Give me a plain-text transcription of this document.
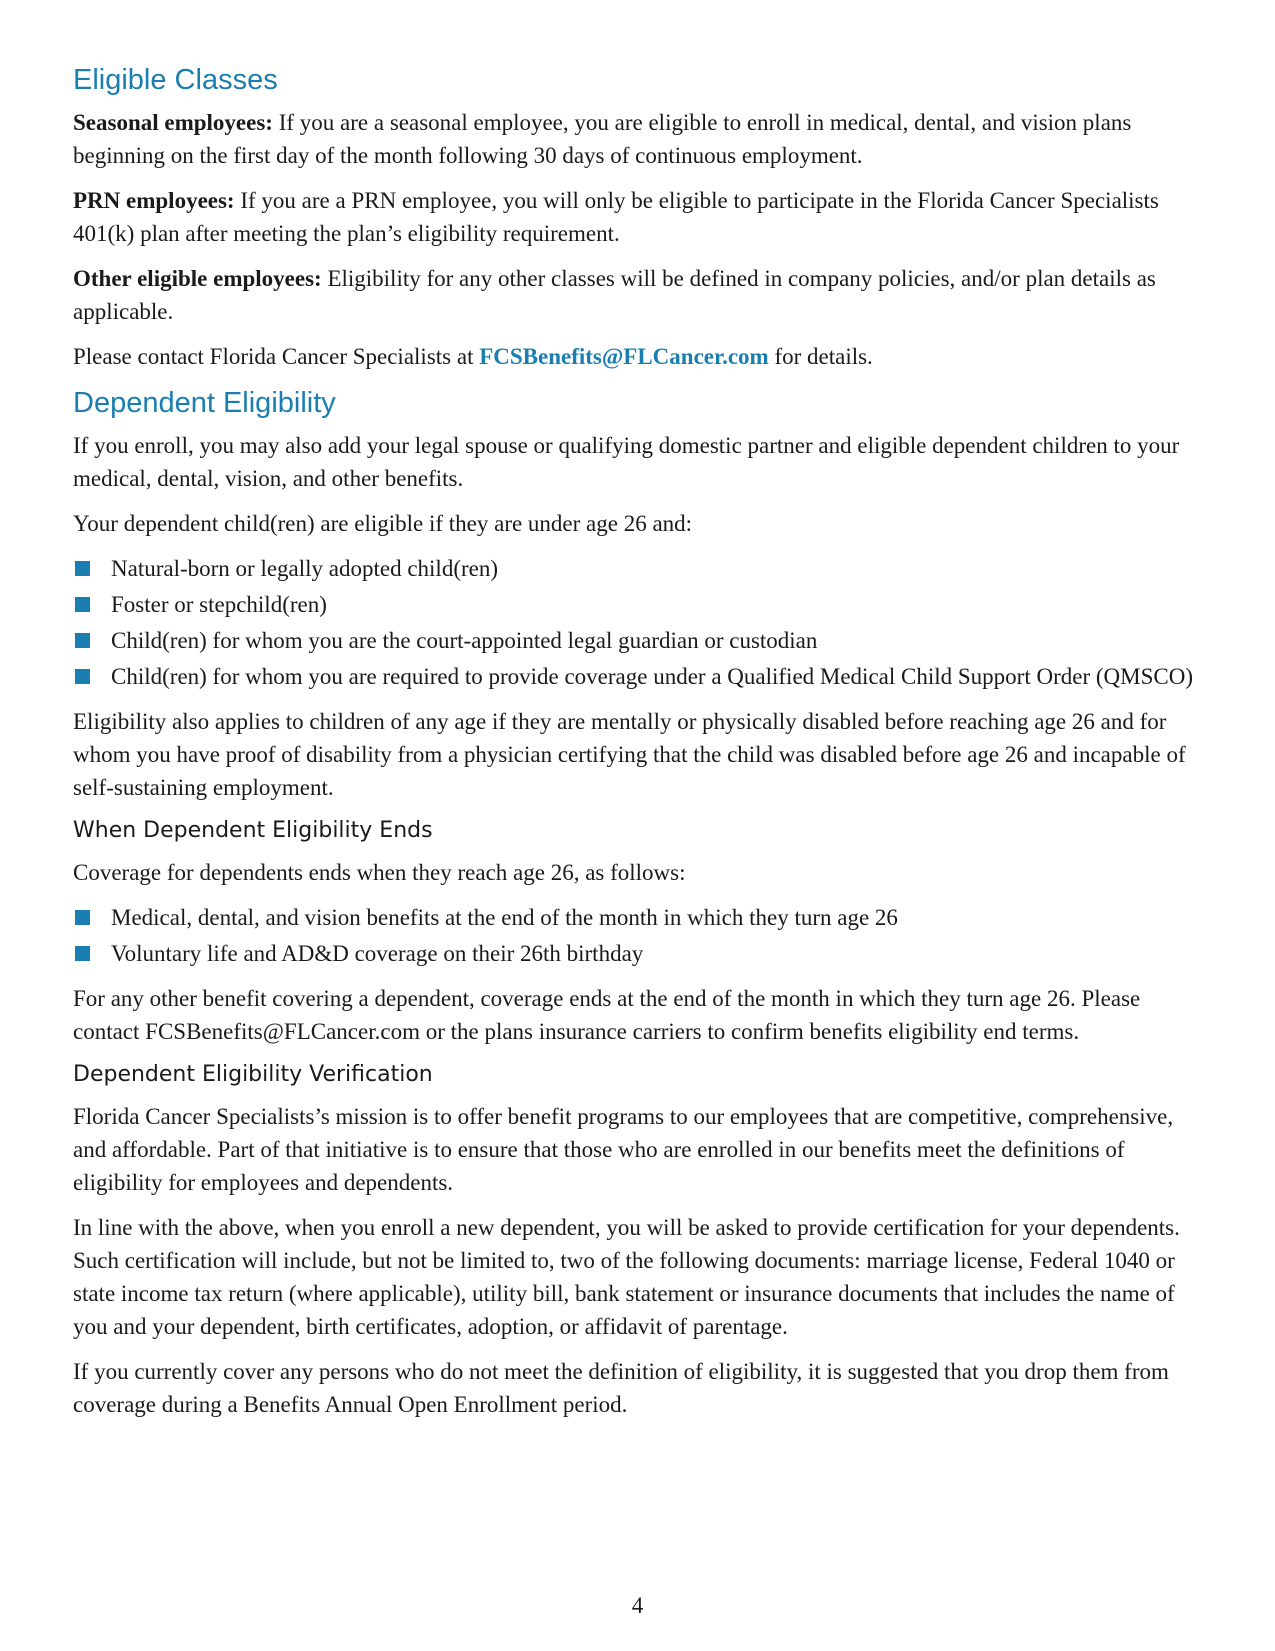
Eligible Classes

Seasonal employees: If you are a seasonal employee, you are eligible to enroll in medical, dental, and vision plans beginning on the first day of the month following 30 days of continuous employment.

PRN employees: If you are a PRN employee, you will only be eligible to participate in the Florida Cancer Specialists 401(k) plan after meeting the plan’s eligibility requirement.

Other eligible employees: Eligibility for any other classes will be defined in company policies, and/or plan details as applicable.

Please contact Florida Cancer Specialists at FCSBenefits@FLCancer.com for details.

Dependent Eligibility

If you enroll, you may also add your legal spouse or qualifying domestic partner and eligible dependent children to your medical, dental, vision, and other benefits.

Your dependent child(ren) are eligible if they are under age 26 and:

Natural-born or legally adopted child(ren)
Foster or stepchild(ren)
Child(ren) for whom you are the court-appointed legal guardian or custodian
Child(ren) for whom you are required to provide coverage under a Qualified Medical Child Support Order (QMSCO)

Eligibility also applies to children of any age if they are mentally or physically disabled before reaching age 26 and for whom you have proof of disability from a physician certifying that the child was disabled before age 26 and incapable of self-sustaining employment.

When Dependent Eligibility Ends

Coverage for dependents ends when they reach age 26, as follows:

Medical, dental, and vision benefits at the end of the month in which they turn age 26
Voluntary life and AD&D coverage on their 26th birthday

For any other benefit covering a dependent, coverage ends at the end of the month in which they turn age 26. Please contact FCSBenefits@FLCancer.com or the plans insurance carriers to confirm benefits eligibility end terms.

Dependent Eligibility Verification

Florida Cancer Specialists’s mission is to offer benefit programs to our employees that are competitive, comprehensive, and affordable. Part of that initiative is to ensure that those who are enrolled in our benefits meet the definitions of eligibility for employees and dependents.

In line with the above, when you enroll a new dependent, you will be asked to provide certification for your dependents. Such certification will include, but not be limited to, two of the following documents: marriage license, Federal 1040 or state income tax return (where applicable), utility bill, bank statement or insurance documents that includes the name of you and your dependent, birth certificates, adoption, or affidavit of parentage.

If you currently cover any persons who do not meet the definition of eligibility, it is suggested that you drop them from coverage during a Benefits Annual Open Enrollment period.

4
